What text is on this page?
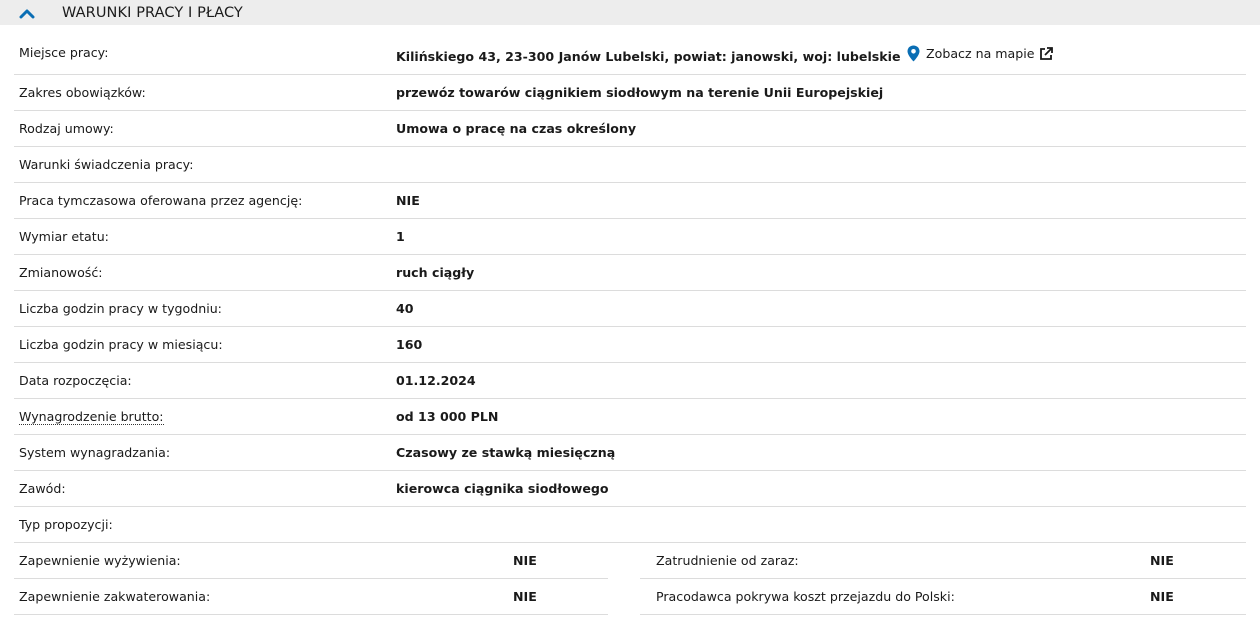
WARUNKI PRACY I PŁACY
Miejsce pracy:	Kilińskiego 43, 23-300 Janów Lubelski, powiat: janowski, woj: lubelskie Zobacz na mapie
Zakres obowiązków:	przewóz towarów ciągnikiem siodłowym na terenie Unii Europejskiej
Rodzaj umowy:	Umowa o pracę na czas określony
Warunki świadczenia pracy:
Praca tymczasowa oferowana przez agencję:	NIE
Wymiar etatu:	1
Zmianowość:	ruch ciągły
Liczba godzin pracy w tygodniu:	40
Liczba godzin pracy w miesiącu:	160
Data rozpoczęcia:	01.12.2024
Wynagrodzenie brutto:	od 13 000 PLN
System wynagradzania:	Czasowy ze stawką miesięczną
Zawód:	kierowca ciągnika siodłowego
Typ propozycji:
Zapewnienie wyżywienia:	NIE	Zatrudnienie od zaraz:	NIE
Zapewnienie zakwaterowania:	NIE	Pracodawca pokrywa koszt przejazdu do Polski:	NIE
